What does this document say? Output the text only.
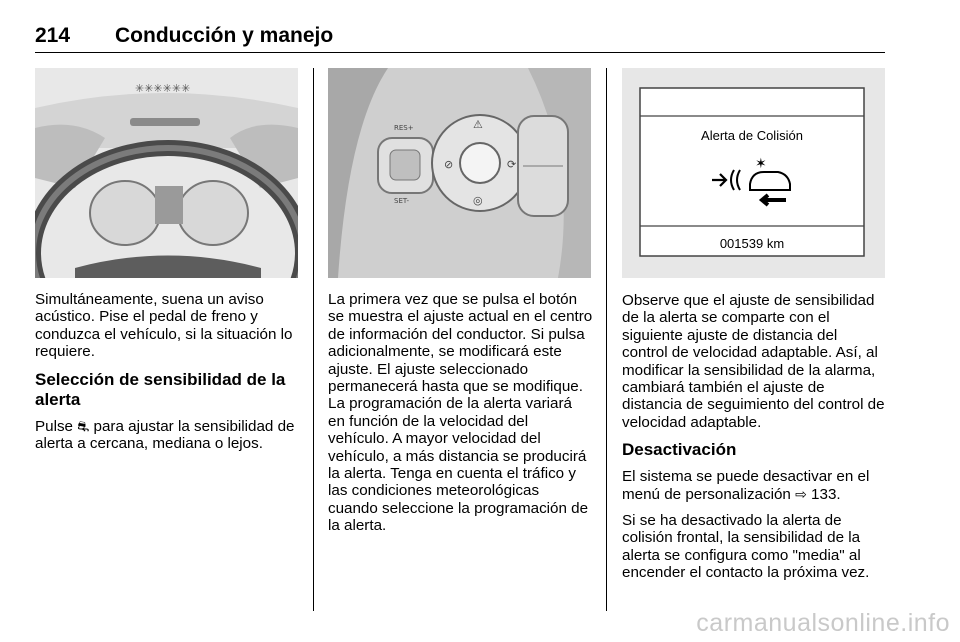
214 Conducción y manejo
✳✳✳✳✳✳
RES+
SET-
⚠
⊘	⟳
◎
Alerta de Colisión
✶
001539 km

Simultáneamente, suena un aviso acústico. Pise el pedal de freno y conduzca el vehículo, si la situación lo requiere.

Selección de sensibilidad de la alerta

Pulse ⛐ para ajustar la sensibilidad de alerta a cercana, mediana o lejos.

La primera vez que se pulsa el botón se muestra el ajuste actual en el centro de información del conductor. Si pulsa adicionalmente, se modificará este ajuste. El ajuste seleccionado permanecerá hasta que se modifique. La programación de la alerta variará en función de la velocidad del vehículo. A mayor velocidad del vehículo, a más distancia se producirá la alerta. Tenga en cuenta el tráfico y las condiciones meteorológicas cuando seleccione la programación de la alerta.

Observe que el ajuste de sensibilidad de la alerta se comparte con el siguiente ajuste de distancia del control de velocidad adaptable. Así, al modificar la sensibilidad de la alarma, cambiará también el ajuste de distancia de seguimiento del control de velocidad adaptable.

Desactivación

El sistema se puede desactivar en el menú de personalización ⇨ 133.

Si se ha desactivado la alerta de colisión frontal, la sensibilidad de la alerta se configura como "media" al encender el contacto la próxima vez.

carmanualsonline.info
